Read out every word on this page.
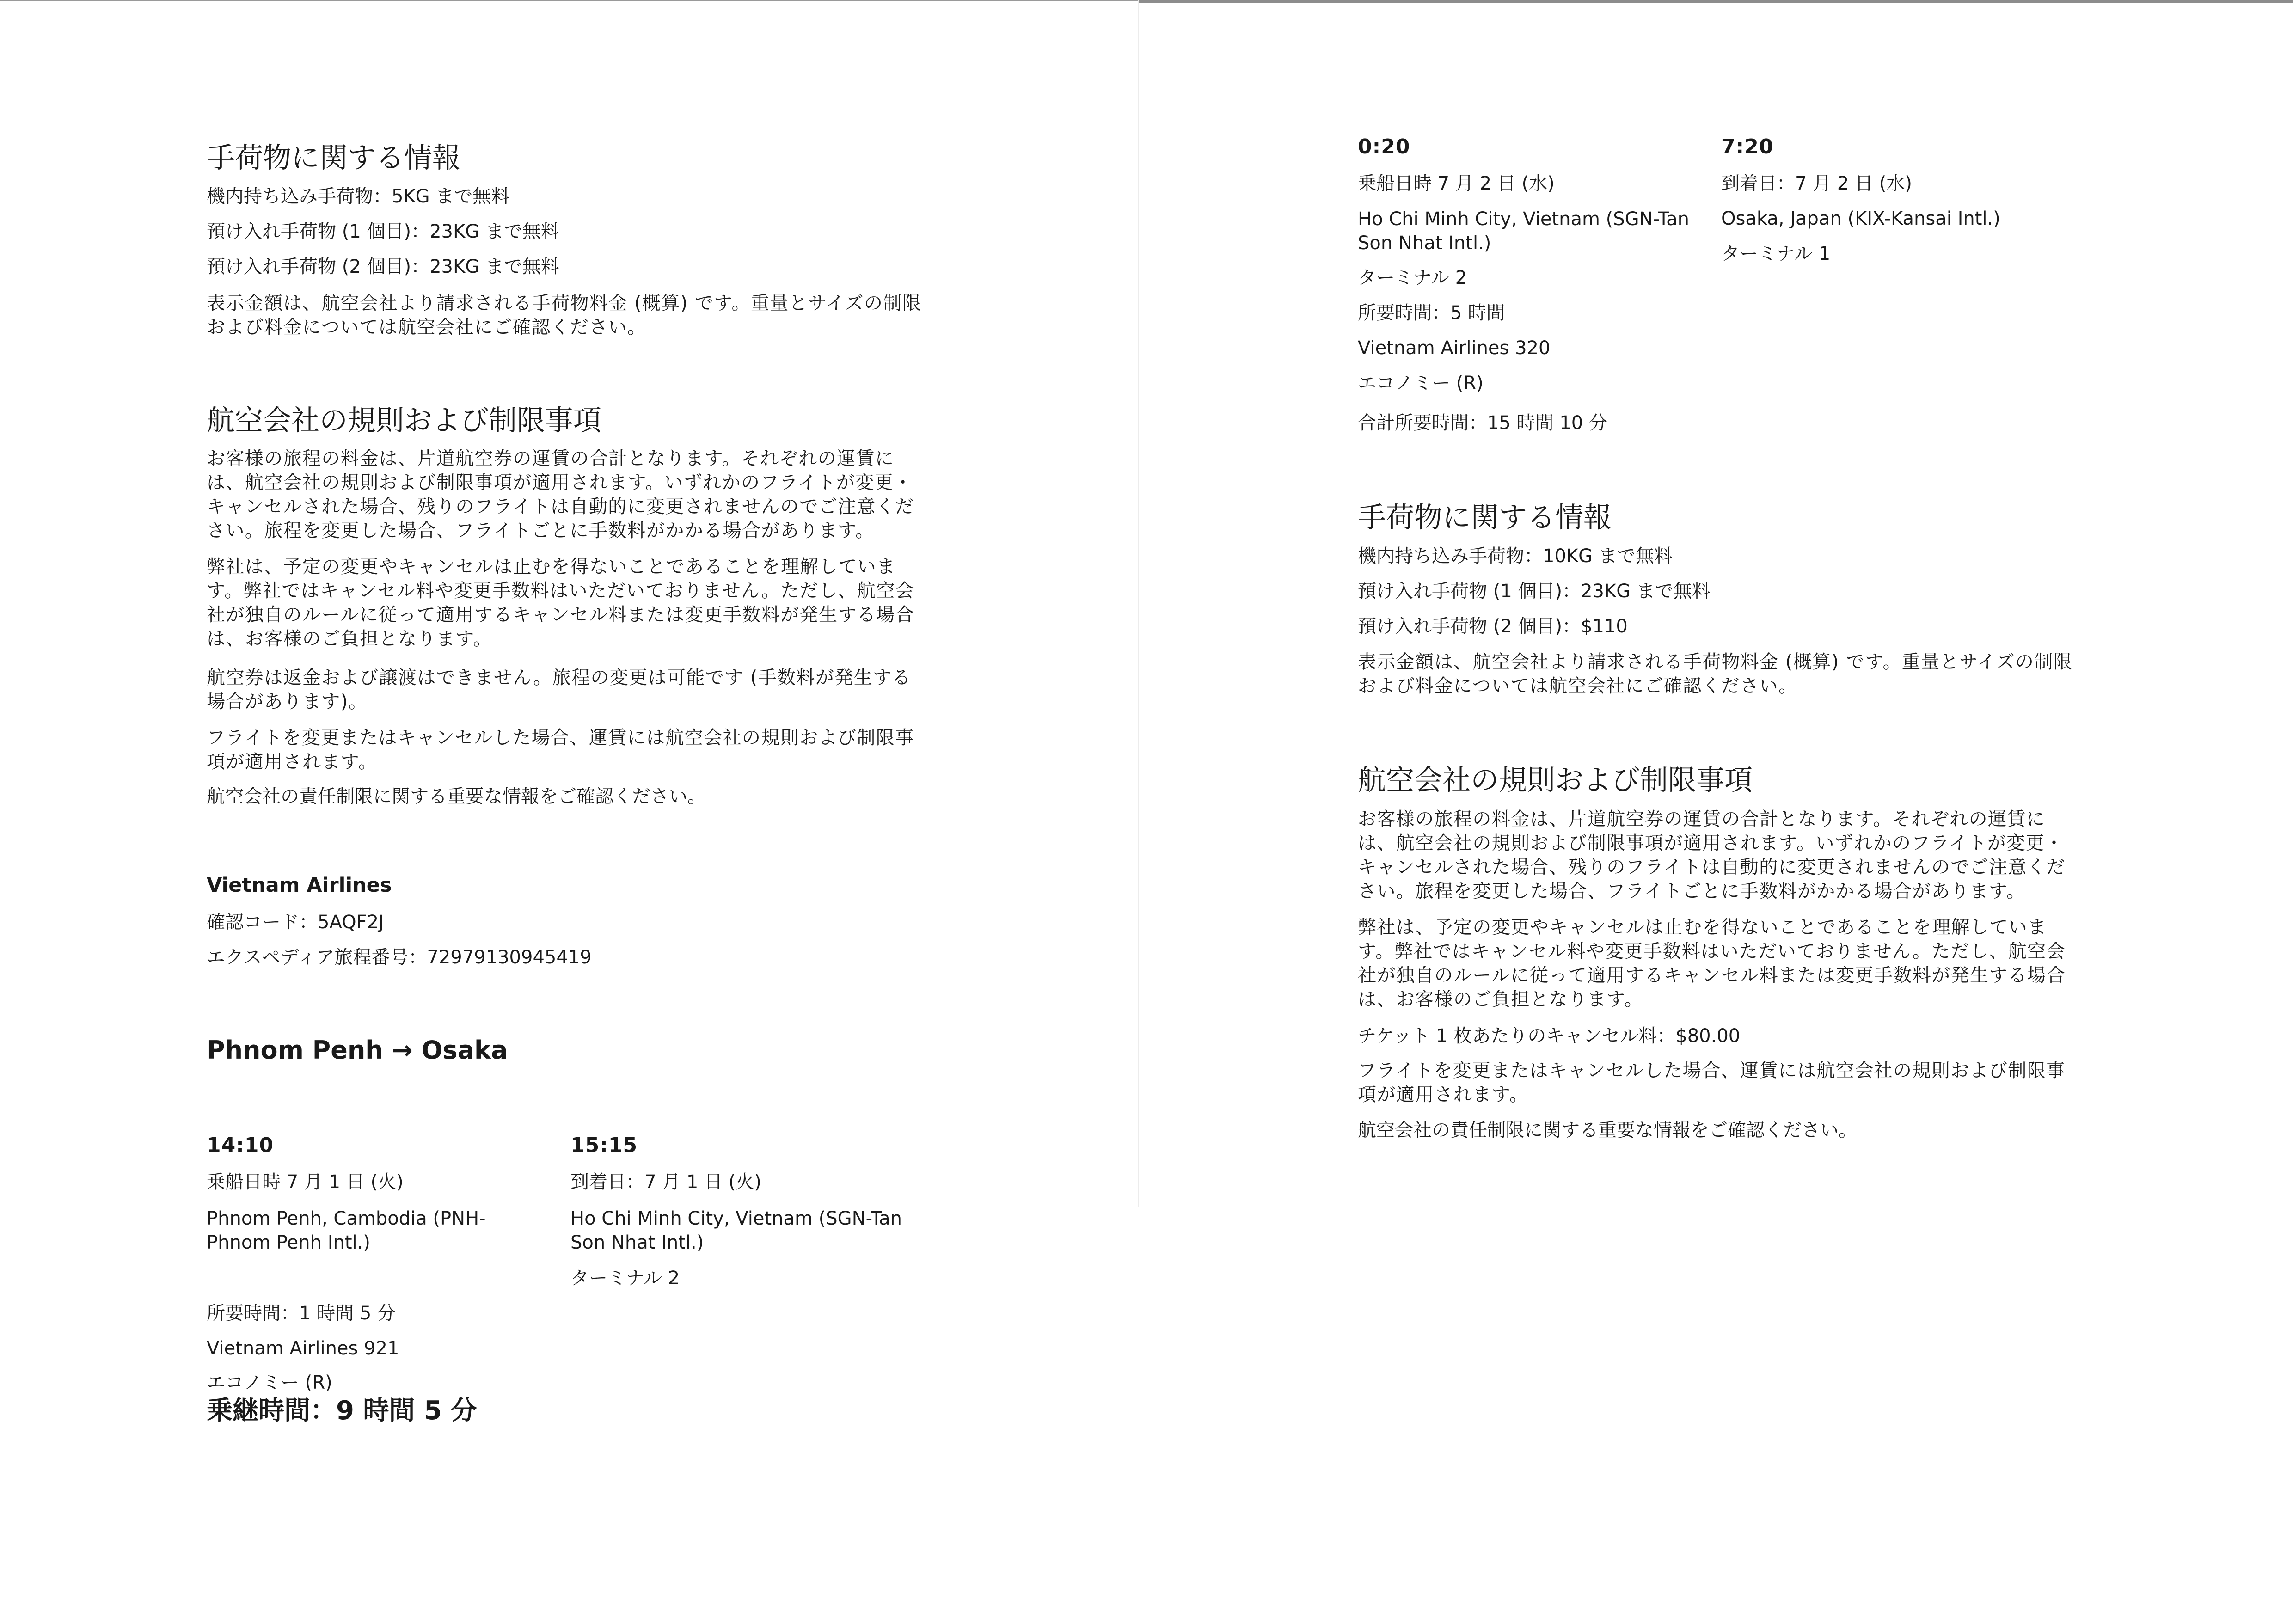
手荷物に関する情報

機内持ち込み手荷物：5KG まで無料

預け入れ手荷物 (1 個目)：23KG まで無料

預け入れ手荷物 (2 個目)：23KG まで無料

表示金額は、航空会社より請求される手荷物料金 (概算) です。重量とサイズの制限および料金については航空会社にご確認ください。

航空会社の規則および制限事項

お客様の旅程の料金は、片道航空券の運賃の合計となります。それぞれの運賃には、航空会社の規則および制限事項が適用されます。いずれかのフライトが変更・キャンセルされた場合、残りのフライトは自動的に変更されませんのでご注意ください。旅程を変更した場合、フライトごとに手数料がかかる場合があります。

弊社は、予定の変更やキャンセルは止むを得ないことであることを理解しています。弊社ではキャンセル料や変更手数料はいただいておりません。ただし、航空会社が独自のルールに従って適用するキャンセル料または変更手数料が発生する場合は、お客様のご負担となります。

航空券は返金および譲渡はできません。旅程の変更は可能です (手数料が発生する場合があります)。

フライトを変更またはキャンセルした場合、運賃には航空会社の規則および制限事項が適用されます。

航空会社の責任制限に関する重要な情報をご確認ください。

Vietnam Airlines

確認コード：5AQF2J

エクスペディア旅程番号：72979130945419

Phnom Penh → Osaka
14:10

乗船日時 7 月 1 日 (火)

Phnom Penh, Cambodia (PNH-Phnom Penh Intl.)

所要時間：1 時間 5 分

Vietnam Airlines 921

エコノミー (R)

15:15

到着日：7 月 1 日 (火)

Ho Chi Minh City, Vietnam (SGN-Tan Son Nhat Intl.)

ターミナル 2

乗継時間：9 時間 5 分

0:20

乗船日時 7 月 2 日 (水)

Ho Chi Minh City, Vietnam (SGN-Tan Son Nhat Intl.)

ターミナル 2

所要時間：5 時間

Vietnam Airlines 320

エコノミー (R)

合計所要時間：15 時間 10 分

7:20

到着日：7 月 2 日 (水)

Osaka, Japan (KIX-Kansai Intl.)

ターミナル 1

手荷物に関する情報

機内持ち込み手荷物：10KG まで無料

預け入れ手荷物 (1 個目)：23KG まで無料

預け入れ手荷物 (2 個目)：$110

表示金額は、航空会社より請求される手荷物料金 (概算) です。重量とサイズの制限および料金については航空会社にご確認ください。

航空会社の規則および制限事項

お客様の旅程の料金は、片道航空券の運賃の合計となります。それぞれの運賃には、航空会社の規則および制限事項が適用されます。いずれかのフライトが変更・キャンセルされた場合、残りのフライトは自動的に変更されませんのでご注意ください。旅程を変更した場合、フライトごとに手数料がかかる場合があります。

弊社は、予定の変更やキャンセルは止むを得ないことであることを理解しています。弊社ではキャンセル料や変更手数料はいただいておりません。ただし、航空会社が独自のルールに従って適用するキャンセル料または変更手数料が発生する場合は、お客様のご負担となります。

チケット 1 枚あたりのキャンセル料：$80.00

フライトを変更またはキャンセルした場合、運賃には航空会社の規則および制限事項が適用されます。

航空会社の責任制限に関する重要な情報をご確認ください。
